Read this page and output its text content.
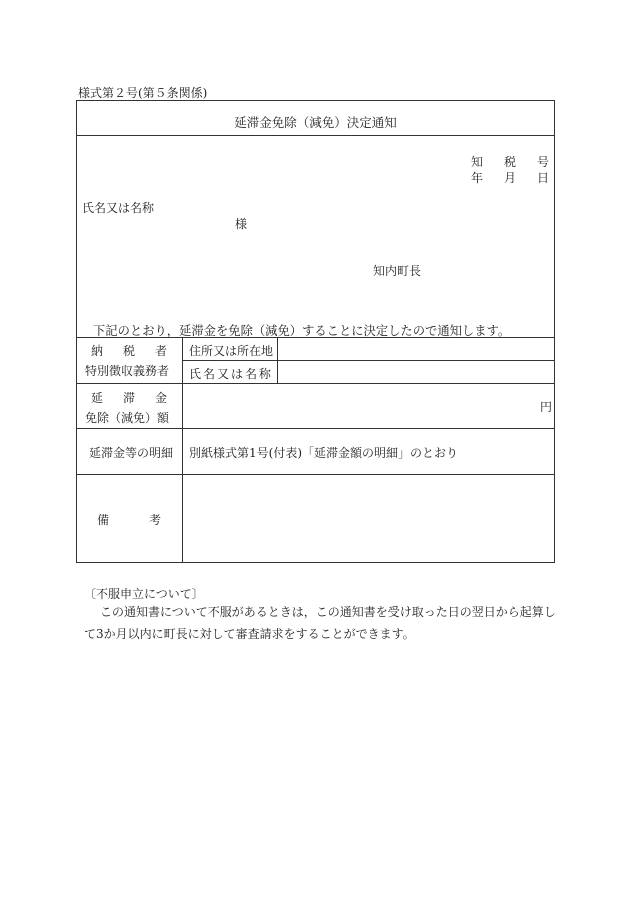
様式第２号(第５条関係)
延滞金免除（減免）決定通知
知 税 号
年 月 日
氏名又は名称
様
知内町長
下記のとおり，延滞金を免除（減免）することに決定したので通知します。
納 税 者
特別徴収義務者
住所又は所在地
氏 名 又 は 名 称
延 滞 金
免除（減免）額
円
延滞金等の明細 別紙様式第1号(付表)「延滞金額の明細」のとおり
備	考
〔不服申立について〕
この通知書について不服があるときは，この通知書を受け取った日の翌日から起算し
て3か月以内に町長に対して審査請求をすることができます。
